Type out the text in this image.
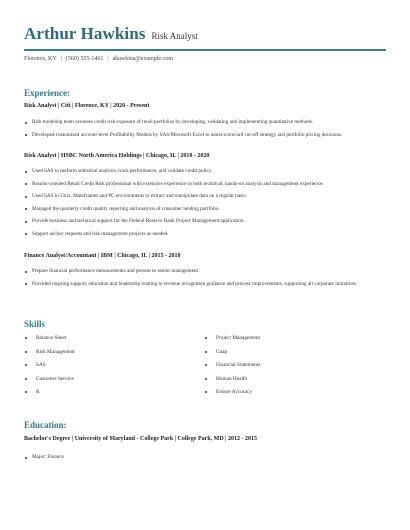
Arthur Hawkins Risk Analyst
Florence, KY | (560) 555-1461 | ahawkins@example.com
Experience:
Risk Analyst | Citi | Florence, KY | 2020 - Present
Risk modeling team oversees credit risk exposure of retail portfolios by developing, validating and implementing quantitative methods.
Developed customized account-level Profitability Models by SAS/Microsoft Excel to assist scorecard cut-off strategy and portfolio pricing decisions.
Risk Analyst | HSBC North America Holdings | Chicago, IL | 2018 - 2020
Used SAS to perform statistical analysis, track performance, and validate credit policy.
Results-oriented Retail Credit Risk professional with extensive experience in both technical, hands-on analysis and management experience.
Used SAS in Unix, Mainframes and PC environments to extract and manipulate data on a regular basis.
Managed the quarterly credit quality reporting and analysis of consumer lending portfolio.
Provide business and technical support for the Federal Reserve Bank Project Management application.
Support ad-hoc requests and risk management projects as needed.
Finance Analyst/Accountant | IBM | Chicago, IL | 2015 - 2018
Prepare financial performance measurements and present to senior management.
Provided ongoing support, education and leadership relating to revenue recognition guidance and process improvements, supporting all corporate initiatives.
Skills
Balance Sheet	Project Management
Risk Management	Gaap
SAS	Financial Statements
Customer Service	Human Health
R	Ensure Accuracy
Education:
Bachelor's Degree | University of Maryland - College Park | College Park, MD | 2012 - 2015
Major: Finance
